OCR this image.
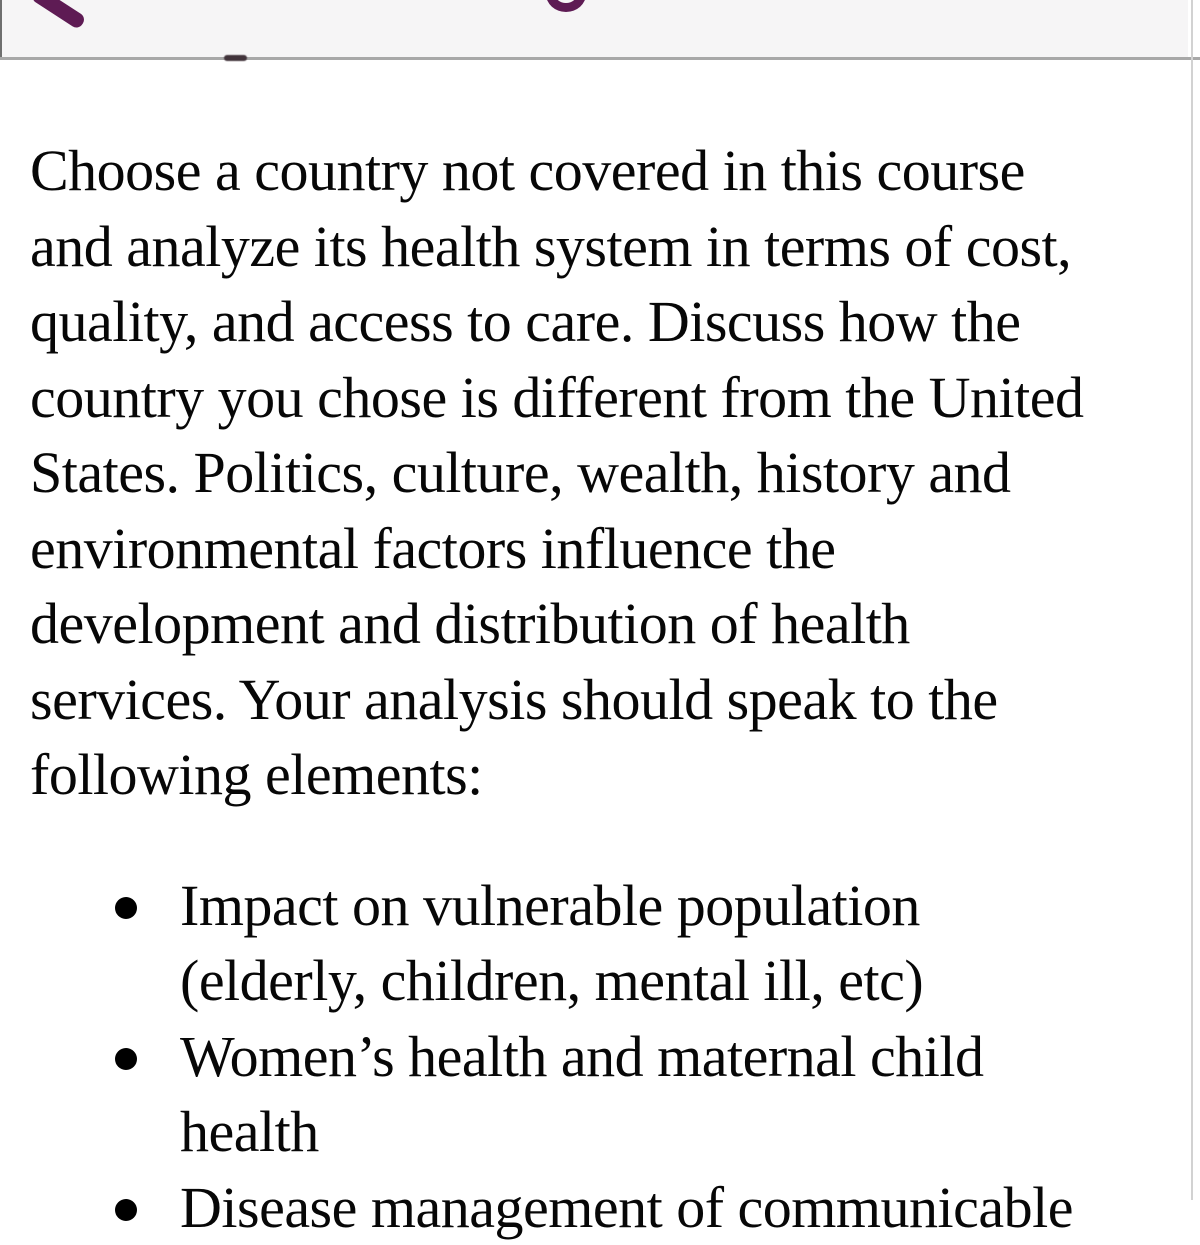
Choose a country not covered in this course
and analyze its health system in terms of cost,
quality, and access to care. Discuss how the
country you chose is different from the United
States. Politics, culture, wealth, history and
environmental factors influence the
development and distribution of health
services. Your analysis should speak to the
following elements:
Impact on vulnerable population
(elderly, children, mental ill, etc)
Women’s health and maternal child
health
Disease management of communicable
